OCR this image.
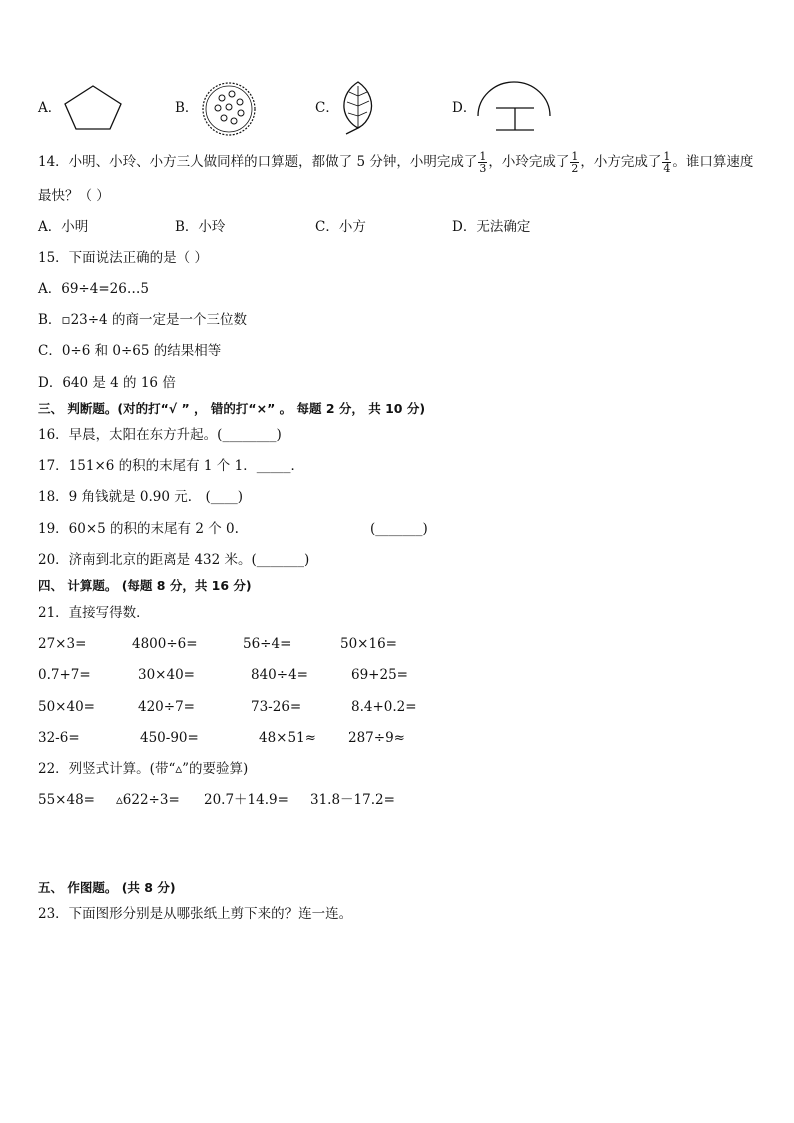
A．	B．	C．	D．
14．小明、小玲、小方三人做同样的口算题，都做了 5 分钟，小明完成了 $\frac{1}{3}$ ，小玲完成了 $\frac{1}{2}$ ，小方完成了 $\frac{1}{4}$ 。谁口算速度
最快？（ ）
A．小明	B．小玲	C．小方	D．无法确定
15．下面说法正确的是（ ）
A．69÷4=26…5
B．▫23÷4 的商一定是一个三位数
C．0÷6 和 0÷65 的结果相等
D．640 是 4 的 16 倍
三、 判断题。(对的打“√ ” ， 错的打“×” 。 每题 2 分， 共 10 分)
16．早晨，太阳在东方升起。(________)
17．151×6 的积的末尾有 1 个 1．_____．
18．9 角钱就是 0.90 元． (____)
19．60×5 的积的末尾有 2 个 0.	(_______)
20．济南到北京的距离是 432 米。(_______)
四、 计算题。 (每题 8 分，共 16 分)
21．直接写得数．
27×3=	4800÷6=	56÷4=	50×16=
0.7+7=	30×40=	840÷4=	69+25=
50×40=	420÷7=	73-26=	8.4+0.2=
32-6=	450-90=	48×51≈ 287÷9≈
22．列竖式计算。(带“▵”的要验算)
55×48= ▵622÷3= 20.7＋14.9= 31.8－17.2=
五、 作图题。 (共 8 分)
23．下面图形分别是从哪张纸上剪下来的？连一连。
